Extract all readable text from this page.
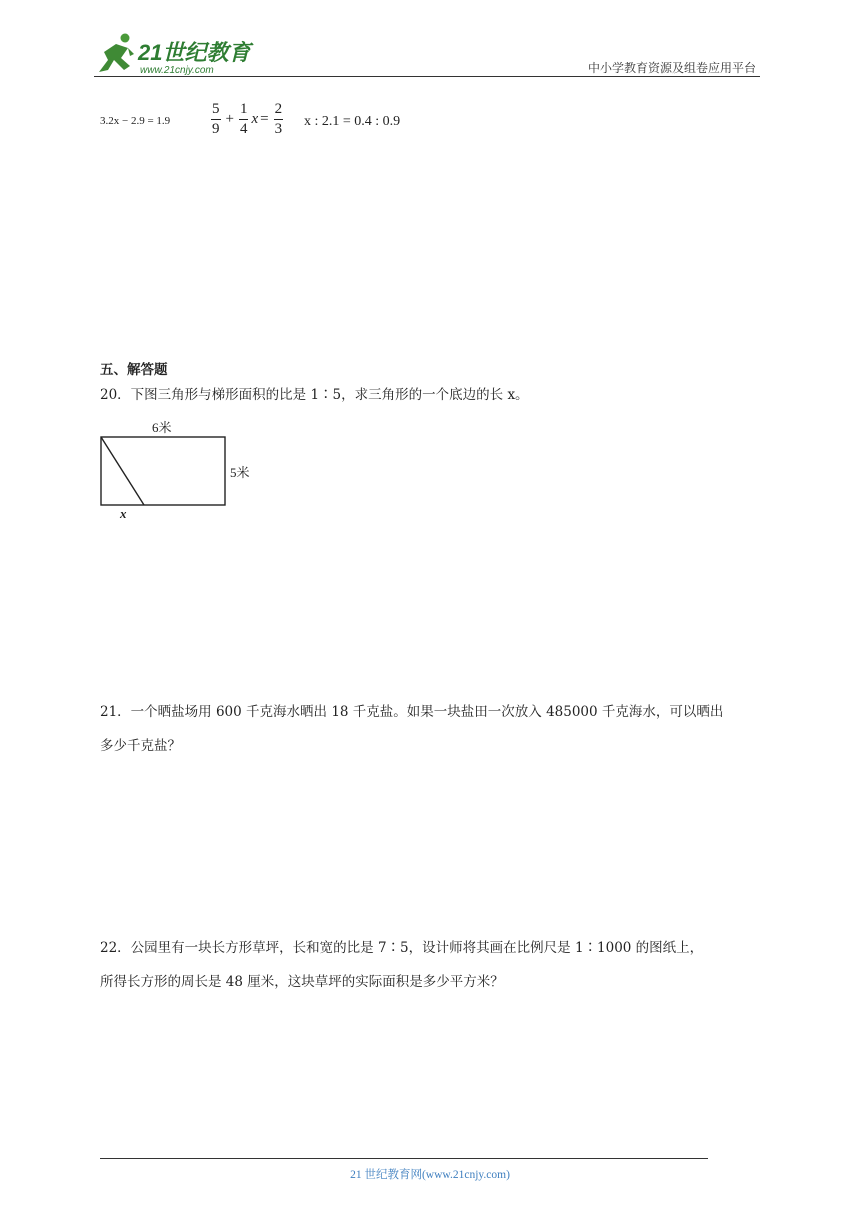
21世纪教育
www.21cnjy.com	中小学教育资源及组卷应用平台
3.2x − 2.9 = 1.9	$\frac{5}{9} + \frac{1}{4}$ $x = \frac{2}{3}$ x : 2.1 = 0.4 : 0.9
五、解答题
20．下图三角形与梯形面积的比是 1∶5，求三角形的一个底边的长 x。
6米
5米
x
21．一个晒盐场用 600 千克海水晒出 18 千克盐。如果一块盐田一次放入 485000 千克海水，可以晒出
多少千克盐？
22．公园里有一块长方形草坪，长和宽的比是 7∶5，设计师将其画在比例尺是 1∶1000 的图纸上，
所得长方形的周长是 48 厘米，这块草坪的实际面积是多少平方米？
21 世纪教育网(www.21cnjy.com)
